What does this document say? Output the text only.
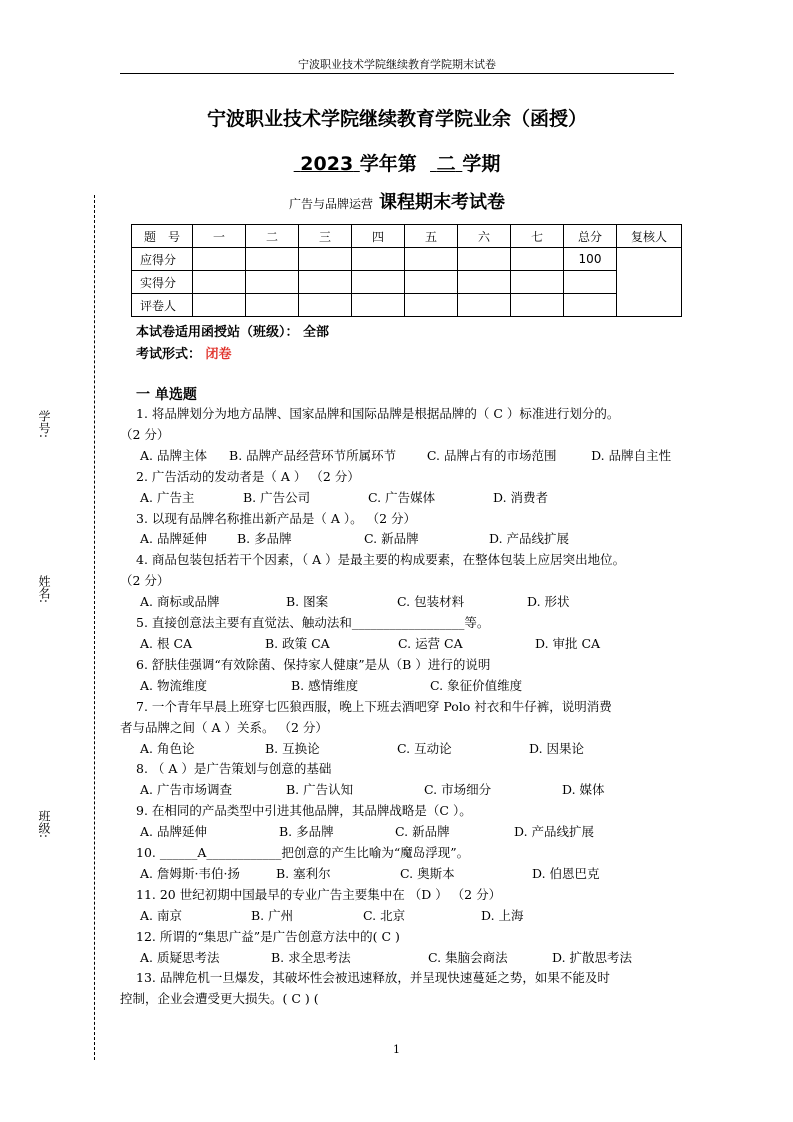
宁波职业技术学院继续教育学院期末试卷
宁波职业技术学院继续教育学院业余（函授）
2023 学年第 二 学期
广告与品牌运营 课程期末考试卷
题　号	一	二	三	四	五	六	七	总分	复核人
应得分								100	
实得分									
评卷人									
本试卷适用函授站（班级）： 全部
考试形式： 闭卷
一 单选题
1. 将品牌划分为地方品牌、国家品牌和国际品牌是根据品牌的（ C ）标准进行划分的。
（2 分）
A. 品牌主体	B. 品牌产品经营环节所属环节	C. 品牌占有的市场范围	D. 品牌自主性
2. 广告活动的发动者是（ A ） （2 分）
A. 广告主	B. 广告公司	C. 广告媒体	D. 消费者
3. 以现有品牌名称推出新产品是（ A ）。 （2 分）
A. 品牌延伸	B. 多品牌	C. 新品牌	D. 产品线扩展
4. 商品包装包括若干个因素，（ A ）是最主要的构成要素，在整体包装上应居突出地位。
（2 分）
A. 商标或品牌	B. 图案	C. 包装材料	D. 形状
5. 直接创意法主要有直觉法、触动法和__________________等。
A. 根 CA	B. 政策 CA	C. 运营 CA	D. 审批 CA
6. 舒肤佳强调“有效除菌、保持家人健康”是从（B ）进行的说明
A. 物流维度	B. 感情维度	C. 象征价值维度
7. 一个青年早晨上班穿七匹狼西服，晚上下班去酒吧穿 Polo 衬衣和牛仔裤，说明消费
者与品牌之间（ A ）关系。 （2 分）
A. 角色论	B. 互换论	C. 互动论	D. 因果论
8. （ A ）是广告策划与创意的基础
A. 广告市场调查	B. 广告认知	C. 市场细分	D. 媒体
9. 在相同的产品类型中引进其他品牌，其品牌战略是（C ）。
A. 品牌延伸	B. 多品牌	C. 新品牌	D. 产品线扩展
10. ______A____________把创意的产生比喻为“魔岛浮现”。
A. 詹姆斯·韦伯·扬	B. 塞利尔	C. 奥斯本	D. 伯恩巴克
11. 20 世纪初期中国最早的专业广告主要集中在 （D ） （2 分）
A. 南京	B. 广州	C. 北京	D. 上海
12. 所谓的“集思广益”是广告创意方法中的( C )
A. 质疑思考法	B. 求全思考法	C. 集脑会商法	D. 扩散思考法
13. 品牌危机一旦爆发，其破坏性会被迅速释放，并呈现快速蔓延之势，如果不能及时
控制，企业会遭受更大损失。( C ) (
学号:
姓名:
班级:
1
